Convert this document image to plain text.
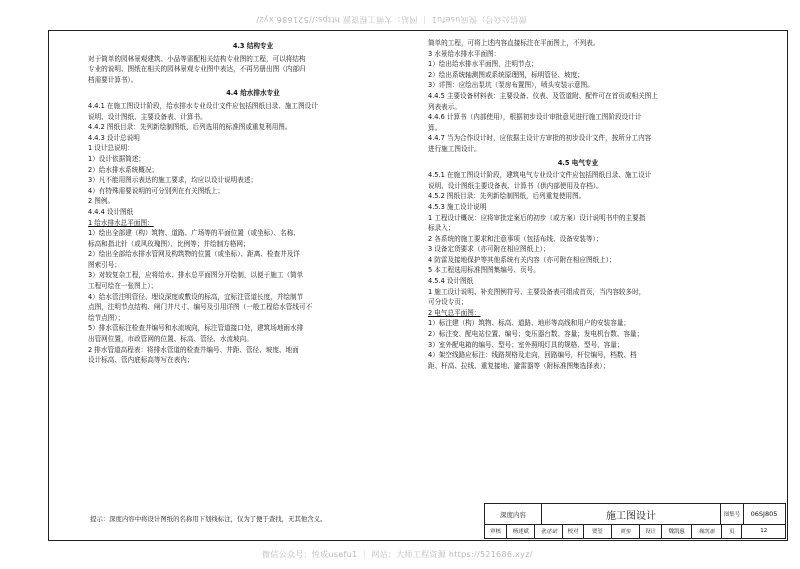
微信公众号：悦成usefu1 ｜ 网站：大师工程资源 https://521686.xyz/
4.3 结构专业
对于简单的园林景观建筑、小品等需配相关结构专业图的工程，可以将结构
专业的说明、图纸在相关的园林景观专业图中表达，不再另册出图（内部归
档需要计算书）。
4.4 给水排水专业
4.4.1 在施工图设计阶段，给水排水专业设计文件应包括图纸目录、施工图设计
说明、设计图纸、主要设备表、计算书。
4.4.2 图纸目录：先列新绘制图纸，后列选用的标准图或重复利用图。
4.4.3 设计总说明
1 设计总说明：
1）设计依据简述；
2）给水排水系统概况；
3）凡不能用图示表达的施工要求，均应以设计说明表述；
4）有特殊需要说明的可分别列在有关图纸上；
2 图例。
4.4.4 设计图纸
1 给水排水总平面图：
1）绘出全部建（构）筑物、道路、广场等的平面位置（或坐标）、名称、
标高和指北针（或风玫瑰图）、比例等；并绘制方格网；
2）绘出全部给水排水管网及构筑物的位置（或坐标）、距离、检查井及详
图索引号；
3）对较复杂工程，应将给水、排水总平面图分开绘制，以便于施工（简单
工程可绘在一张图上）；
4）给水管注明管径、埋设深度或敷设的标高，宜标注管道长度，并绘制节
点图，注明节点结构、闸门井尺寸、编号及引用详图（一般工程给水管线可不
绘节点图）；
5）排水管标注检查井编号和水流坡向，标注管道接口处，建筑场地雨水排
出管网位置，市政管网的位置、标高、管径、水流坡向。
2 排水管道高程表：将排水管道的检查井编号、井距、管径、坡度、地面
设计标高、管内底标高等写在表内；
简单的工程，可将上述内容直接标注在平面图上，不列表。
3 水景给水排水平面图：
1）绘出给水排水平面图，注明节点；
2）绘出系统轴测图或系统原理图，标明管径、坡度；
3）详图：应绘出泵坑（泵房布置图），喷头安装示意图。
4.4.5 主要设备材料表：主要设备、仪表、及管道附、配件可在首页或相关图上
列表表示。
4.4.6 计算书（内部使用），根据初步设计审批意见进行施工图阶段设计计
算。
4.4.7 当为合作设计时，应依据主设计方审批的初步设计文件，按所分工内容
进行施工图设计。
4.5 电气专业
4.5.1 在施工图设计阶段，建筑电气专业设计文件应包括图纸目录、施工设计
说明、设计图纸主要设备表、计算书（供内部使用及存档）。
4.5.2 图纸目录：先列新绘制图纸，后列重复使用图。
4.5.3 施工设计说明
1 工程设计概况：应将审批定案后的初步（或方案）设计说明书中的主要指
标录入；
2 各系统的施工要求和注意事项（包括布线、设备安装等）；
3 设备定货要求（亦可附在相应图纸上）；
4 防雷及接地保护等其他系统有关内容（亦可附在相应图纸上）；
5 本工程选用标准图图集编号、页号。
4.5.4 设计图纸
1 施工设计说明、补充图例符号、主要设备表可组成首页，当内容较多时，
可分设专页；
2 电气总平面图：
1）标注建（构）筑物、标高、道路、地形等高线和用户的安装容量；
2）标注变、配电站位置、编号；变压器台数、容量；发电机台数、容量；
3）室外配电箱的编号、型号；室外照明灯具的规格、型号、容量；
4）架空线路应标注：线路规格及走向，回路编号，杆位编号，档数、档
距、杆高、拉线、重复接地、避雷器等（附标准图集选择表）；
提示：深度内容中将设计图纸的名称用下划线标注，仅为了便于查找，无其他含义。
深度内容	施工图设计	图集号	06SJ805
审核	杨述斌	张述斌	校对	贾玺	贾玺	设计	魏凯惠	魏凯惠	页	12
微信公众号：悦成usefu1 ｜ 网站：大师工程资源 https://521686.xyz/
